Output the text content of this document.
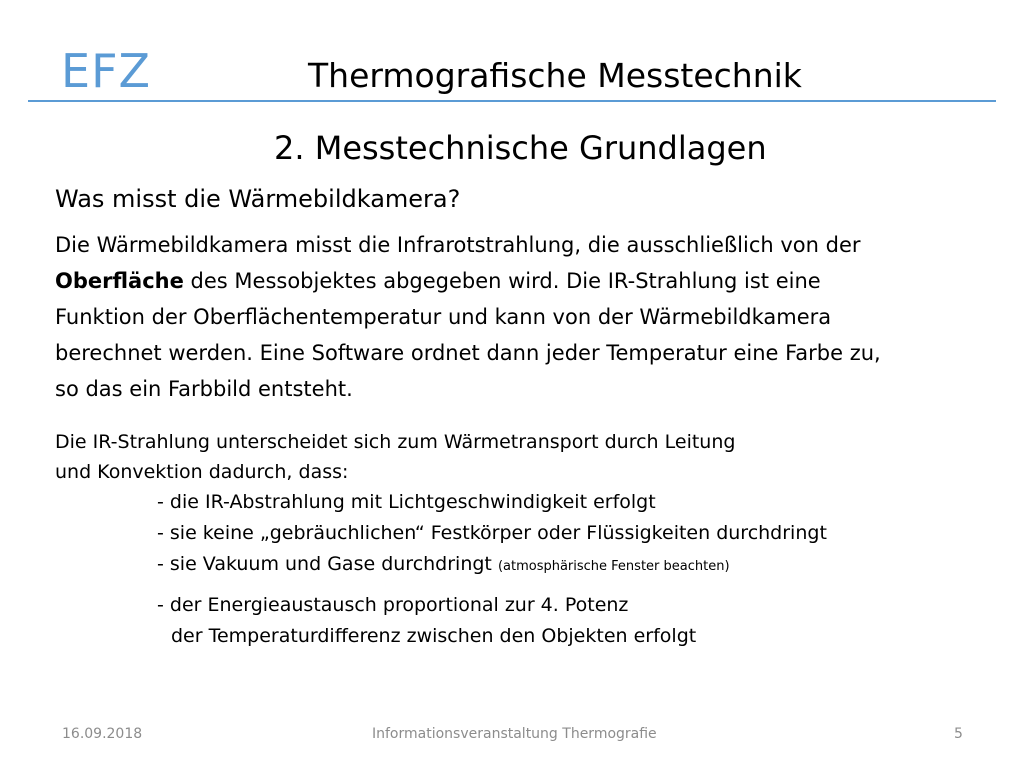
EFZ	Thermografische Messtechnik
2. Messtechnische Grundlagen
Was misst die Wärmebildkamera?
Die Wärmebildkamera misst die Infrarotstrahlung, die ausschließlich von der
Oberfläche des Messobjektes abgegeben wird. Die IR-Strahlung ist eine
Funktion der Oberflächentemperatur und kann von der Wärmebildkamera
berechnet werden. Eine Software ordnet dann jeder Temperatur eine Farbe zu,
so das ein Farbbild entsteht.
Die IR-Strahlung unterscheidet sich zum Wärmetransport durch Leitung
und Konvektion dadurch, dass:
- die IR-Abstrahlung mit Lichtgeschwindigkeit erfolgt
- sie keine „gebräuchlichen“ Festkörper oder Flüssigkeiten durchdringt
- sie Vakuum und Gase durchdringt (atmosphärische Fenster beachten)
- der Energieaustausch proportional zur 4. Potenz
der Temperaturdifferenz zwischen den Objekten erfolgt
16.09.2018	Informationsveranstaltung Thermografie	5
